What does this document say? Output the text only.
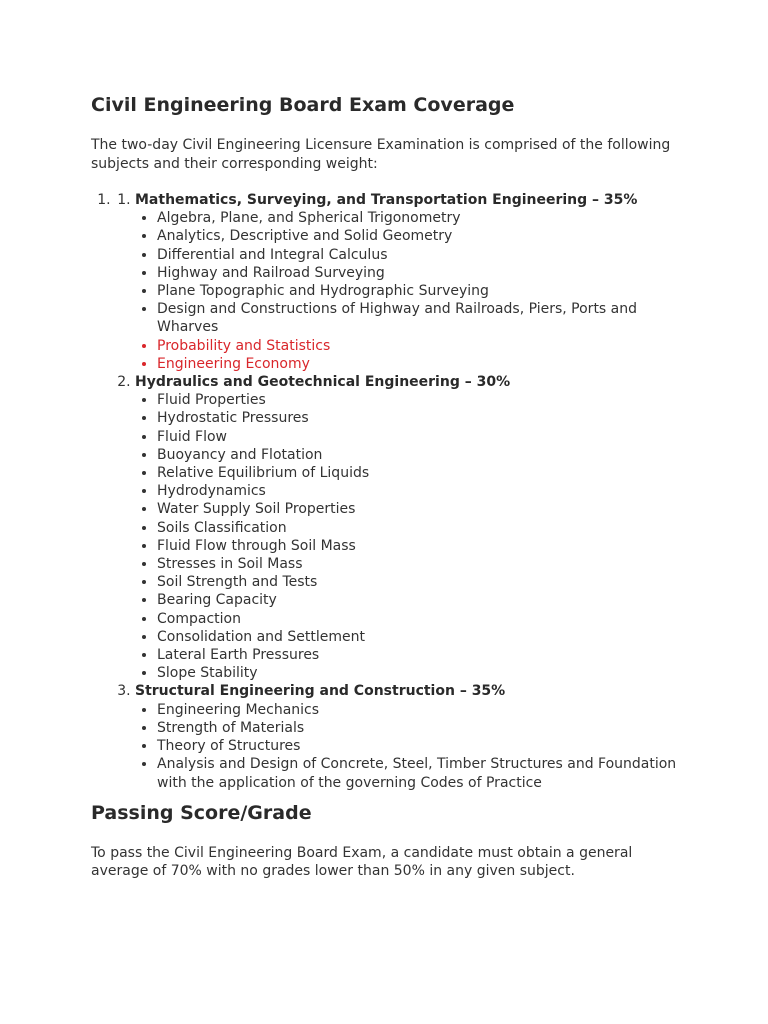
Civil Engineering Board Exam Coverage

The two-day Civil Engineering Licensure Examination is comprised of the following subjects and their corresponding weight:

1. 1. Mathematics, Surveying, and Transportation Engineering – 35%
• Algebra, Plane, and Spherical Trigonometry
• Analytics, Descriptive and Solid Geometry
• Differential and Integral Calculus
• Highway and Railroad Surveying
• Plane Topographic and Hydrographic Surveying
• Design and Constructions of Highway and Railroads, Piers, Ports and Wharves
• Probability and Statistics
• Engineering Economy
2. Hydraulics and Geotechnical Engineering – 30%
• Fluid Properties
• Hydrostatic Pressures
• Fluid Flow
• Buoyancy and Flotation
• Relative Equilibrium of Liquids
• Hydrodynamics
• Water Supply Soil Properties
• Soils Classification
• Fluid Flow through Soil Mass
• Stresses in Soil Mass
• Soil Strength and Tests
• Bearing Capacity
• Compaction
• Consolidation and Settlement
• Lateral Earth Pressures
• Slope Stability
3. Structural Engineering and Construction – 35%
• Engineering Mechanics
• Strength of Materials
• Theory of Structures
• Analysis and Design of Concrete, Steel, Timber Structures and Foundation with the application of the governing Codes of Practice
Passing Score/Grade

To pass the Civil Engineering Board Exam, a candidate must obtain a general average of 70% with no grades lower than 50% in any given subject.
